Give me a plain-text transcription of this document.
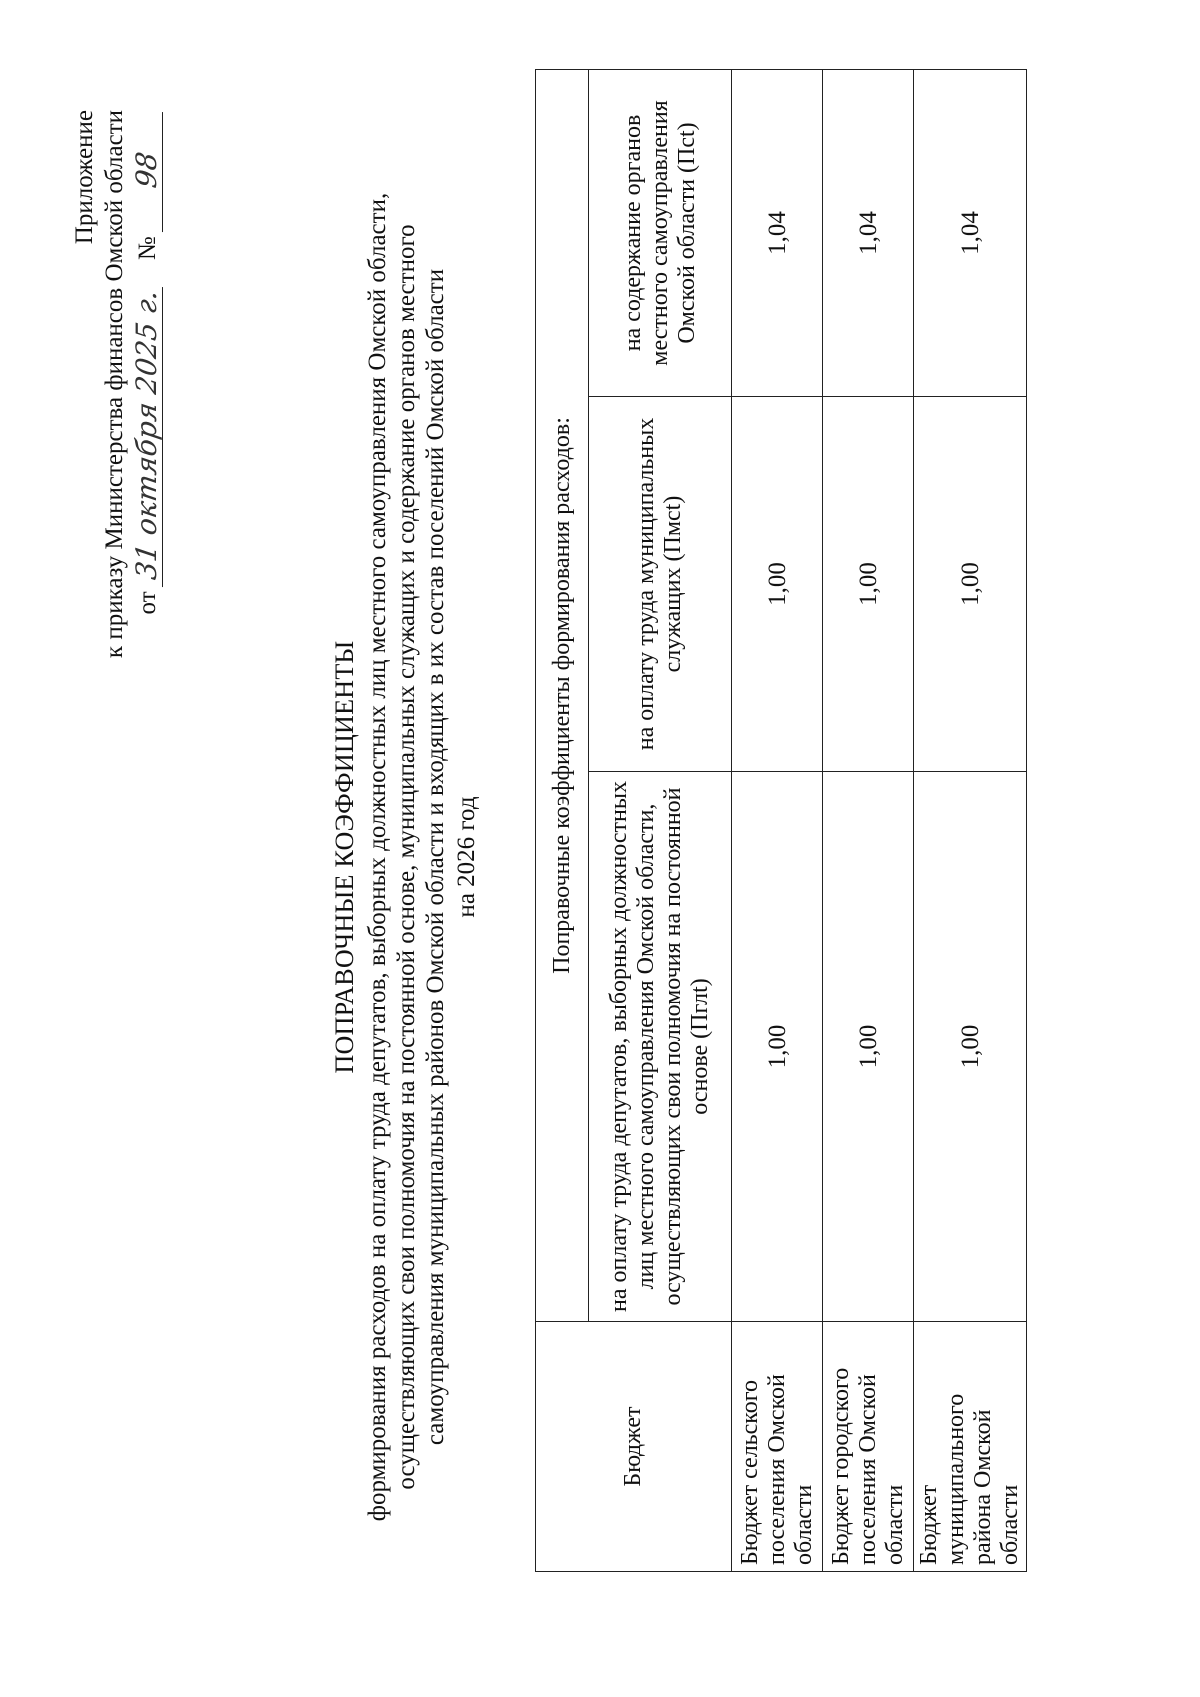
Приложение к приказу Министерства финансов Омской области от 31 октября 2025 г.    № 98
ПОПРАВОЧНЫЕ КОЭФФИЦИЕНТЫ
формирования расходов на оплату труда депутатов, выборных должностных лиц местного самоуправления Омской области,
осуществляющих свои полномочия на постоянной основе, муниципальных служащих и содержание органов местного
самоуправления муниципальных районов Омской области и входящих в их состав поселений Омской области
на 2026 год
Бюджет	Поправочные коэффициенты формирования расходов:		
	на оплату труда депутатов, выборных должностных лиц местного самоуправления Омской области, осуществляющих свои полномочия на постоянной основе (Пглt)	на оплату труда муниципальных служащих (Пмсt)	на содержание органов местного самоуправления Омской области (Псt)
Бюджет сельского поселения Омской области	1,00	1,00	1,04
Бюджет городского поселения Омской области	1,00	1,00	1,04
Бюджет муниципального района Омской области	1,00	1,00	1,04
